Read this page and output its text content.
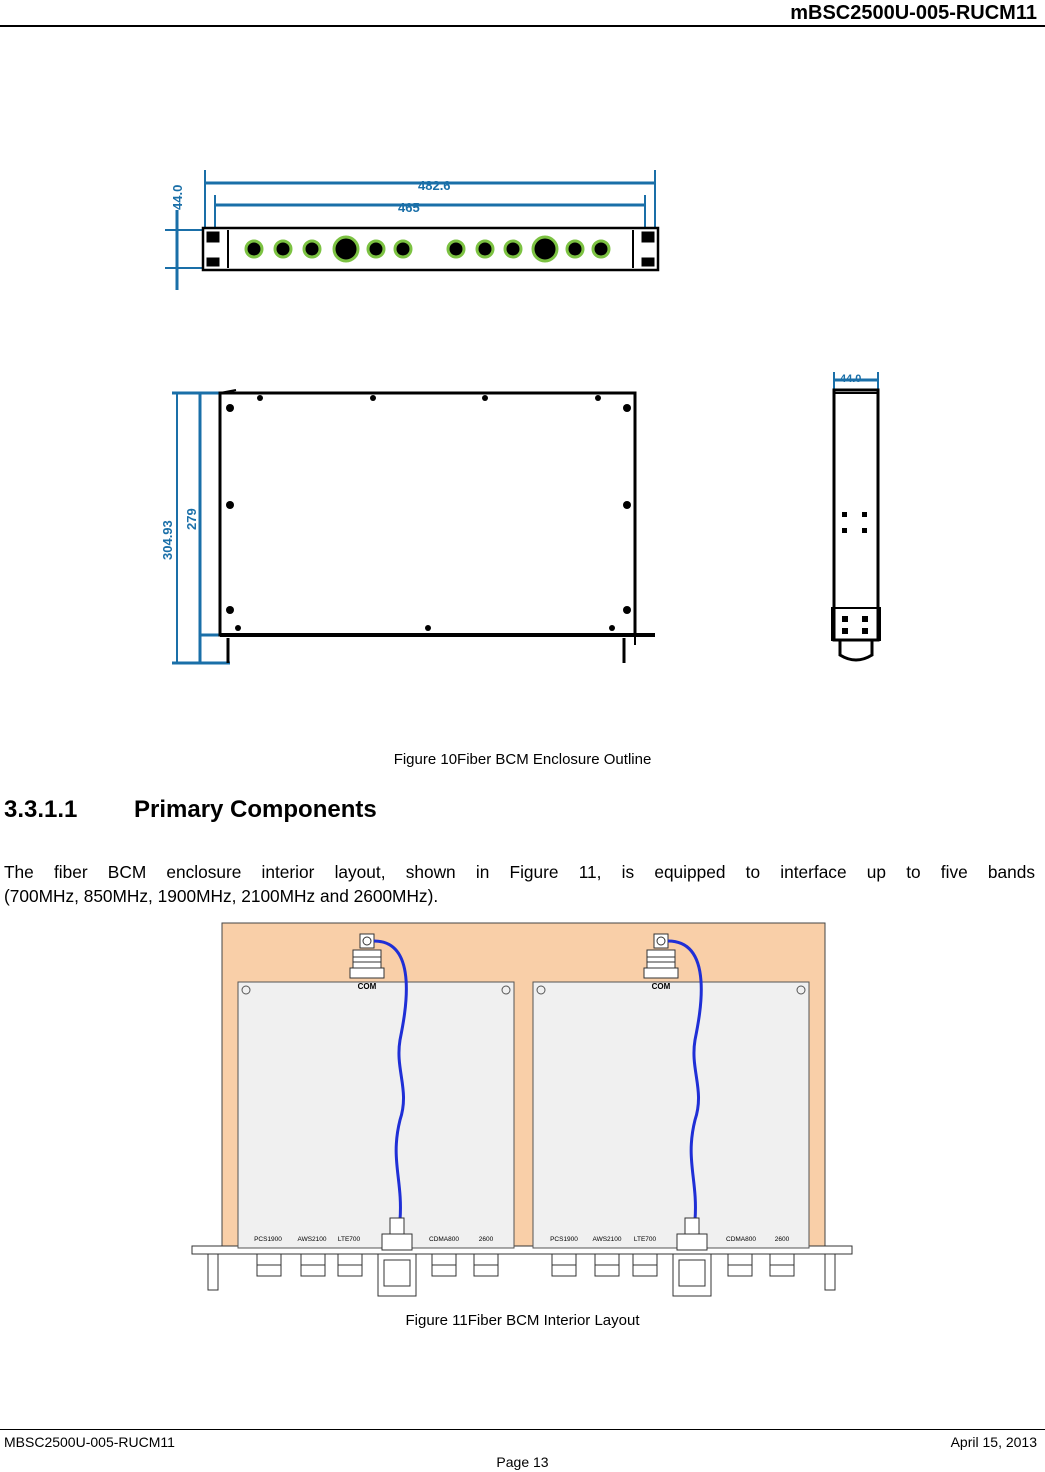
mBSC2500U-005-RUCM11
482.6
465
44.0
304.93
279
44.0
Figure 10Fiber BCM Enclosure Outline
3.3.1.1 Primary Components
The fiber BCM enclosure interior layout, shown in Figure 11, is equipped to interface up to five bands
(700MHz, 850MHz, 1900MHz, 2100MHz and 2600MHz).
COM
PCS1900 AWS2100 LTE700	CDMA800	2600
COM
PCS1900 AWS2100 LTE700	CDMA800	2600
Figure 11Fiber BCM Interior Layout
MBSC2500U-005-RUCM11	April 15, 2013
Page 13
